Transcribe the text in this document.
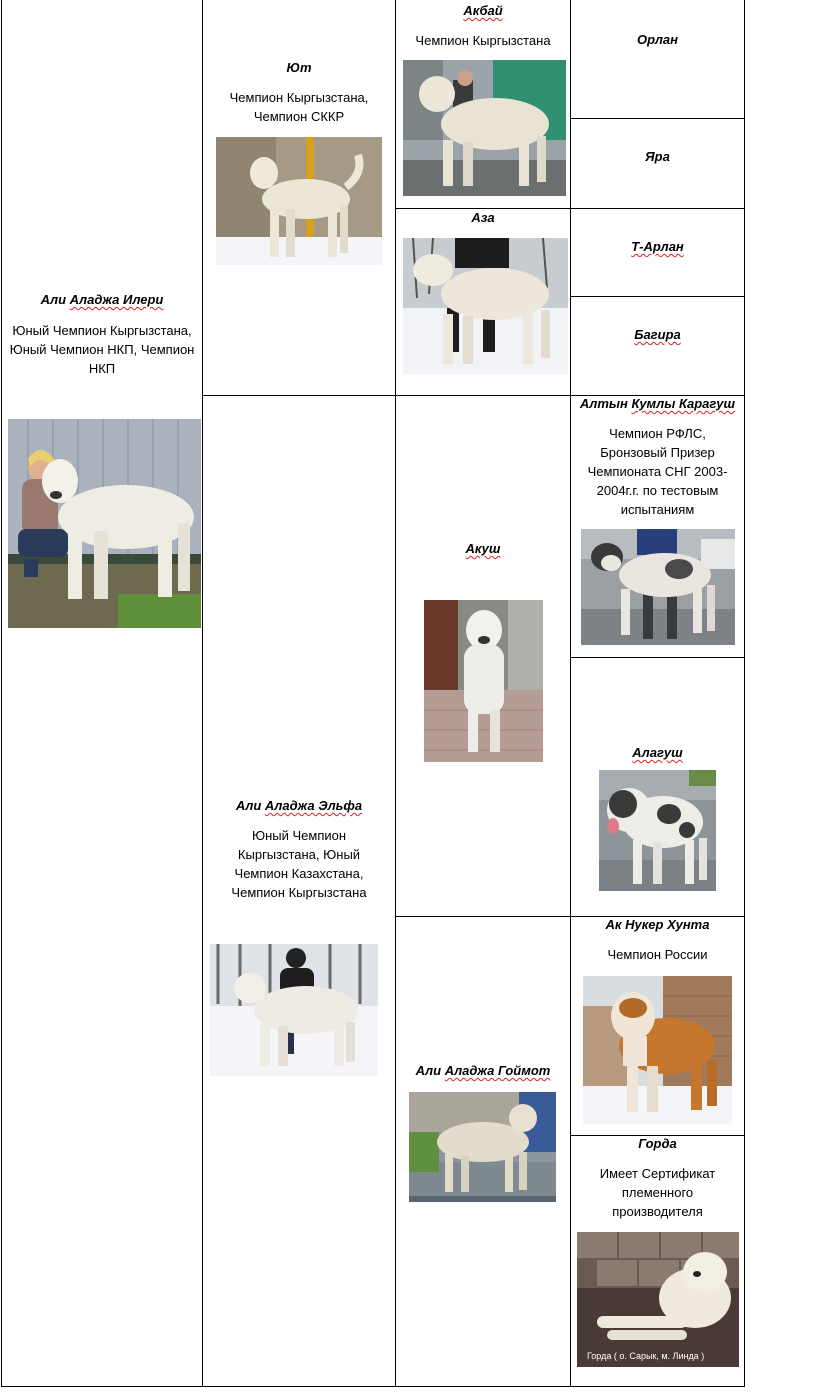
Али Аладжа Илери
Юный Чемпион Кыргызстана, Юный Чемпион НКП, Чемпион НКП
Ют
Чемпион Кыргызстана, Чемпион СККР
Али Аладжа Эльфа
Юный Чемпион Кыргызстана, Юный Чемпион Казахстана, Чемпион Кыргызстана
Акбай
Чемпион Кыргызстана
Аза
Акуш
Али Аладжа Гоймот
Орлан
Яра
Т-Арлан
Багира
Алтын Кумлы Карагуш
Чемпион РФЛС, Бронзовый Призер Чемпионата СНГ 2003-2004г.г. по тестовым испытаниям
Алагуш
Ак Нукер Хунта
Чемпион России
Горда
Имеет Сертификат племенного производителя
Горда ( о. Сарык, м. Линда )
